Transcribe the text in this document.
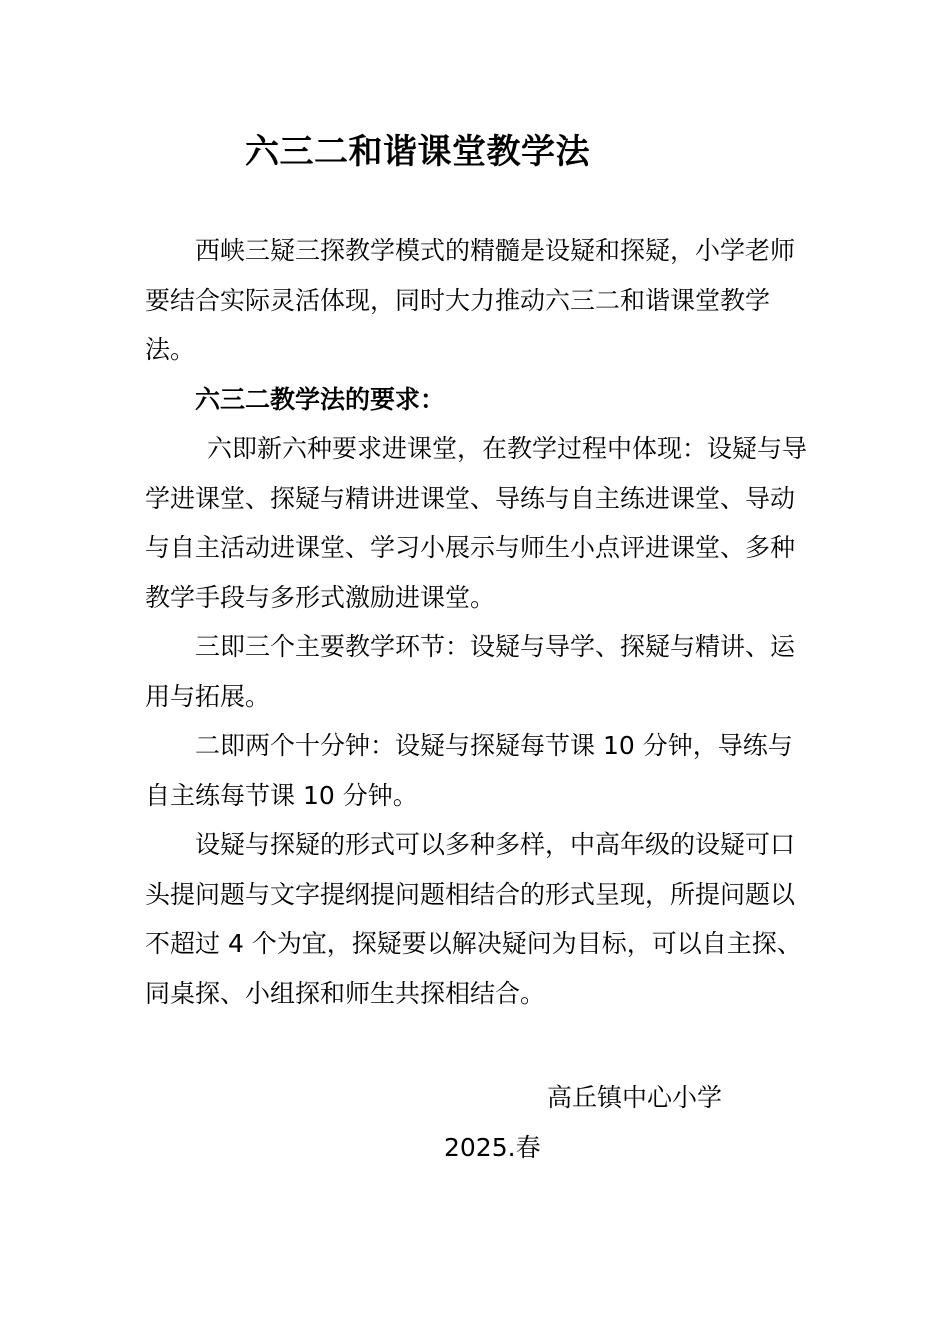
六三二和谐课堂教学法

西峡三疑三探教学模式的精髓是设疑和探疑，小学老师要结合实际灵活体现，同时大力推动六三二和谐课堂教学法。

六三二教学法的要求：

六即新六种要求进课堂，在教学过程中体现：设疑与导学进课堂、探疑与精讲进课堂、导练与自主练进课堂、导动与自主活动进课堂、学习小展示与师生小点评进课堂、多种教学手段与多形式激励进课堂。

三即三个主要教学环节：设疑与导学、探疑与精讲、运用与拓展。

二即两个十分钟：设疑与探疑每节课 10 分钟，导练与自主练每节课 10 分钟。

设疑与探疑的形式可以多种多样，中高年级的设疑可口头提问题与文字提纲提问题相结合的形式呈现，所提问题以不超过 4 个为宜，探疑要以解决疑问为目标，可以自主探、同桌探、小组探和师生共探相结合。

高丘镇中心小学
2025.春
